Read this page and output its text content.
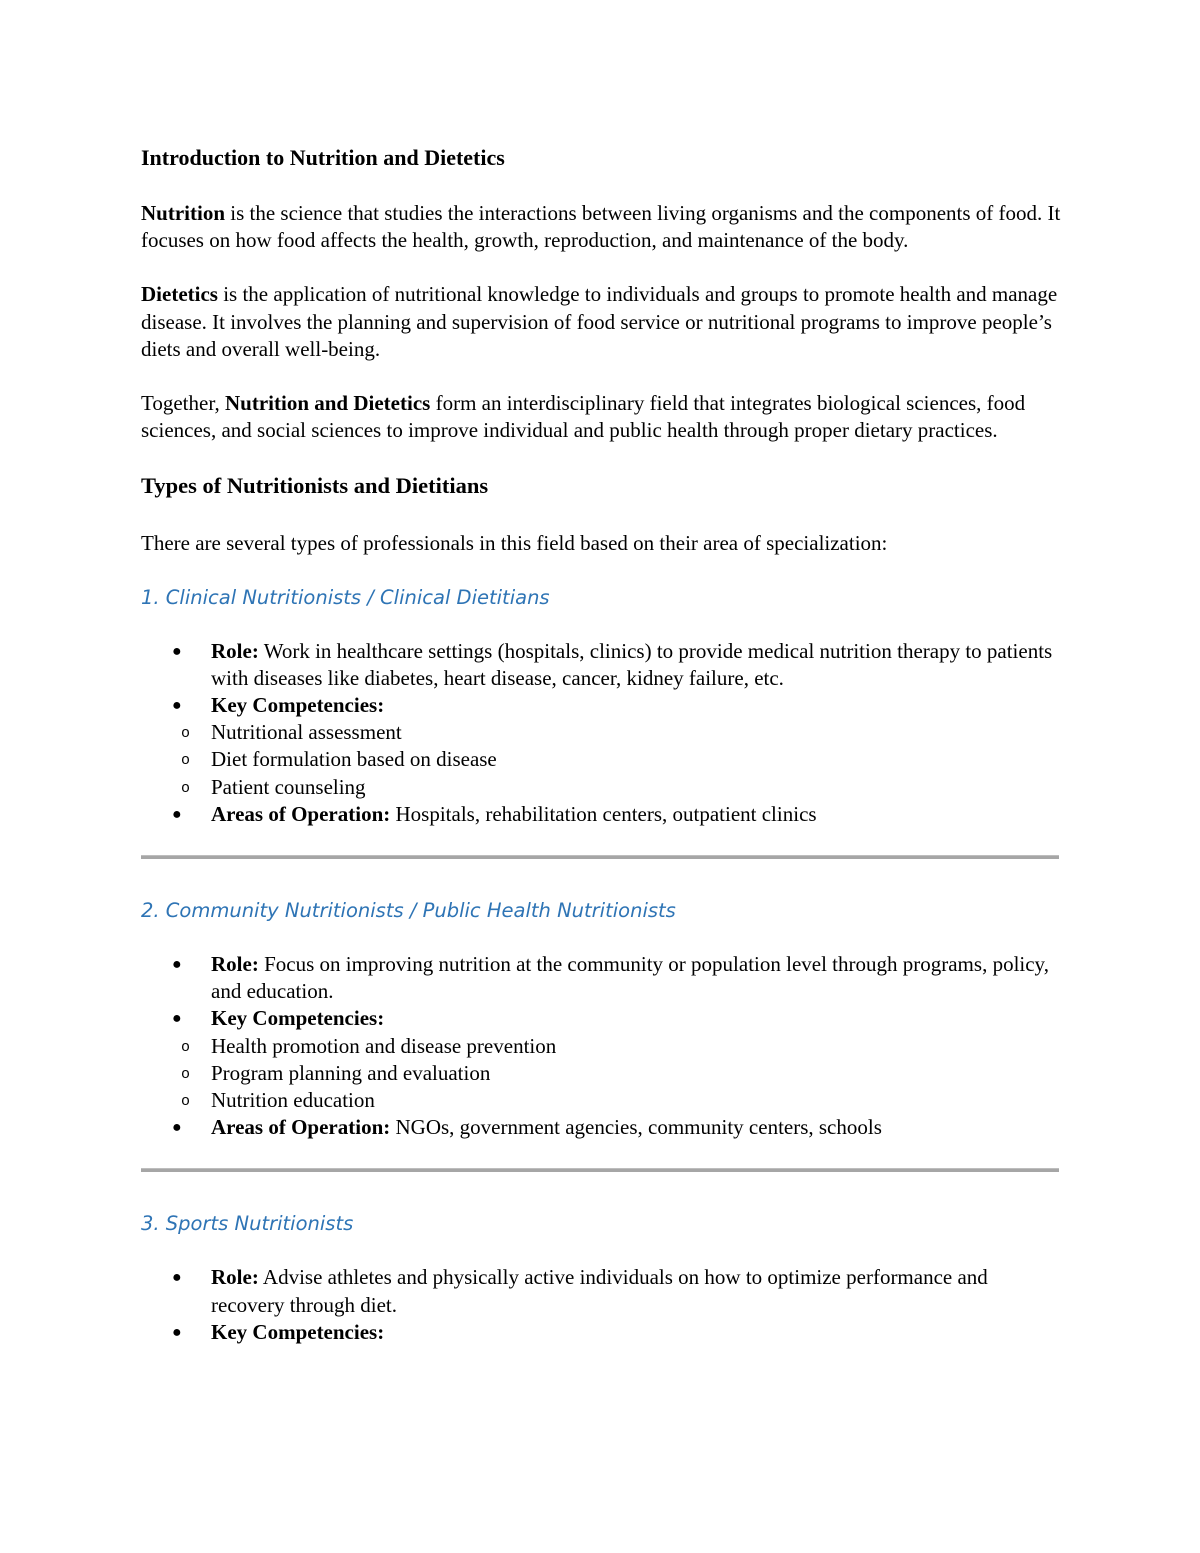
Introduction to Nutrition and Dietetics

Nutrition is the science that studies the interactions between living organisms and the components of food. It focuses on how food affects the health, growth, reproduction, and maintenance of the body.

Dietetics is the application of nutritional knowledge to individuals and groups to promote health and manage disease. It involves the planning and supervision of food service or nutritional programs to improve people’s diets and overall well-being.

Together, Nutrition and Dietetics form an interdisciplinary field that integrates biological sciences, food sciences, and social sciences to improve individual and public health through proper dietary practices.

Types of Nutritionists and Dietitians

There are several types of professionals in this field based on their area of specialization:

1. Clinical Nutritionists / Clinical Dietitians

● Role: Work in healthcare settings (hospitals, clinics) to provide medical nutrition therapy to patients with diseases like diabetes, heart disease, cancer, kidney failure, etc.
● Key Competencies:
o Nutritional assessment
o Diet formulation based on disease
o Patient counseling
● Areas of Operation: Hospitals, rehabilitation centers, outpatient clinics

2. Community Nutritionists / Public Health Nutritionists

● Role: Focus on improving nutrition at the community or population level through programs, policy, and education.
● Key Competencies:
o Health promotion and disease prevention
o Program planning and evaluation
o Nutrition education
● Areas of Operation: NGOs, government agencies, community centers, schools

3. Sports Nutritionists

● Role: Advise athletes and physically active individuals on how to optimize performance and recovery through diet.
● Key Competencies:
